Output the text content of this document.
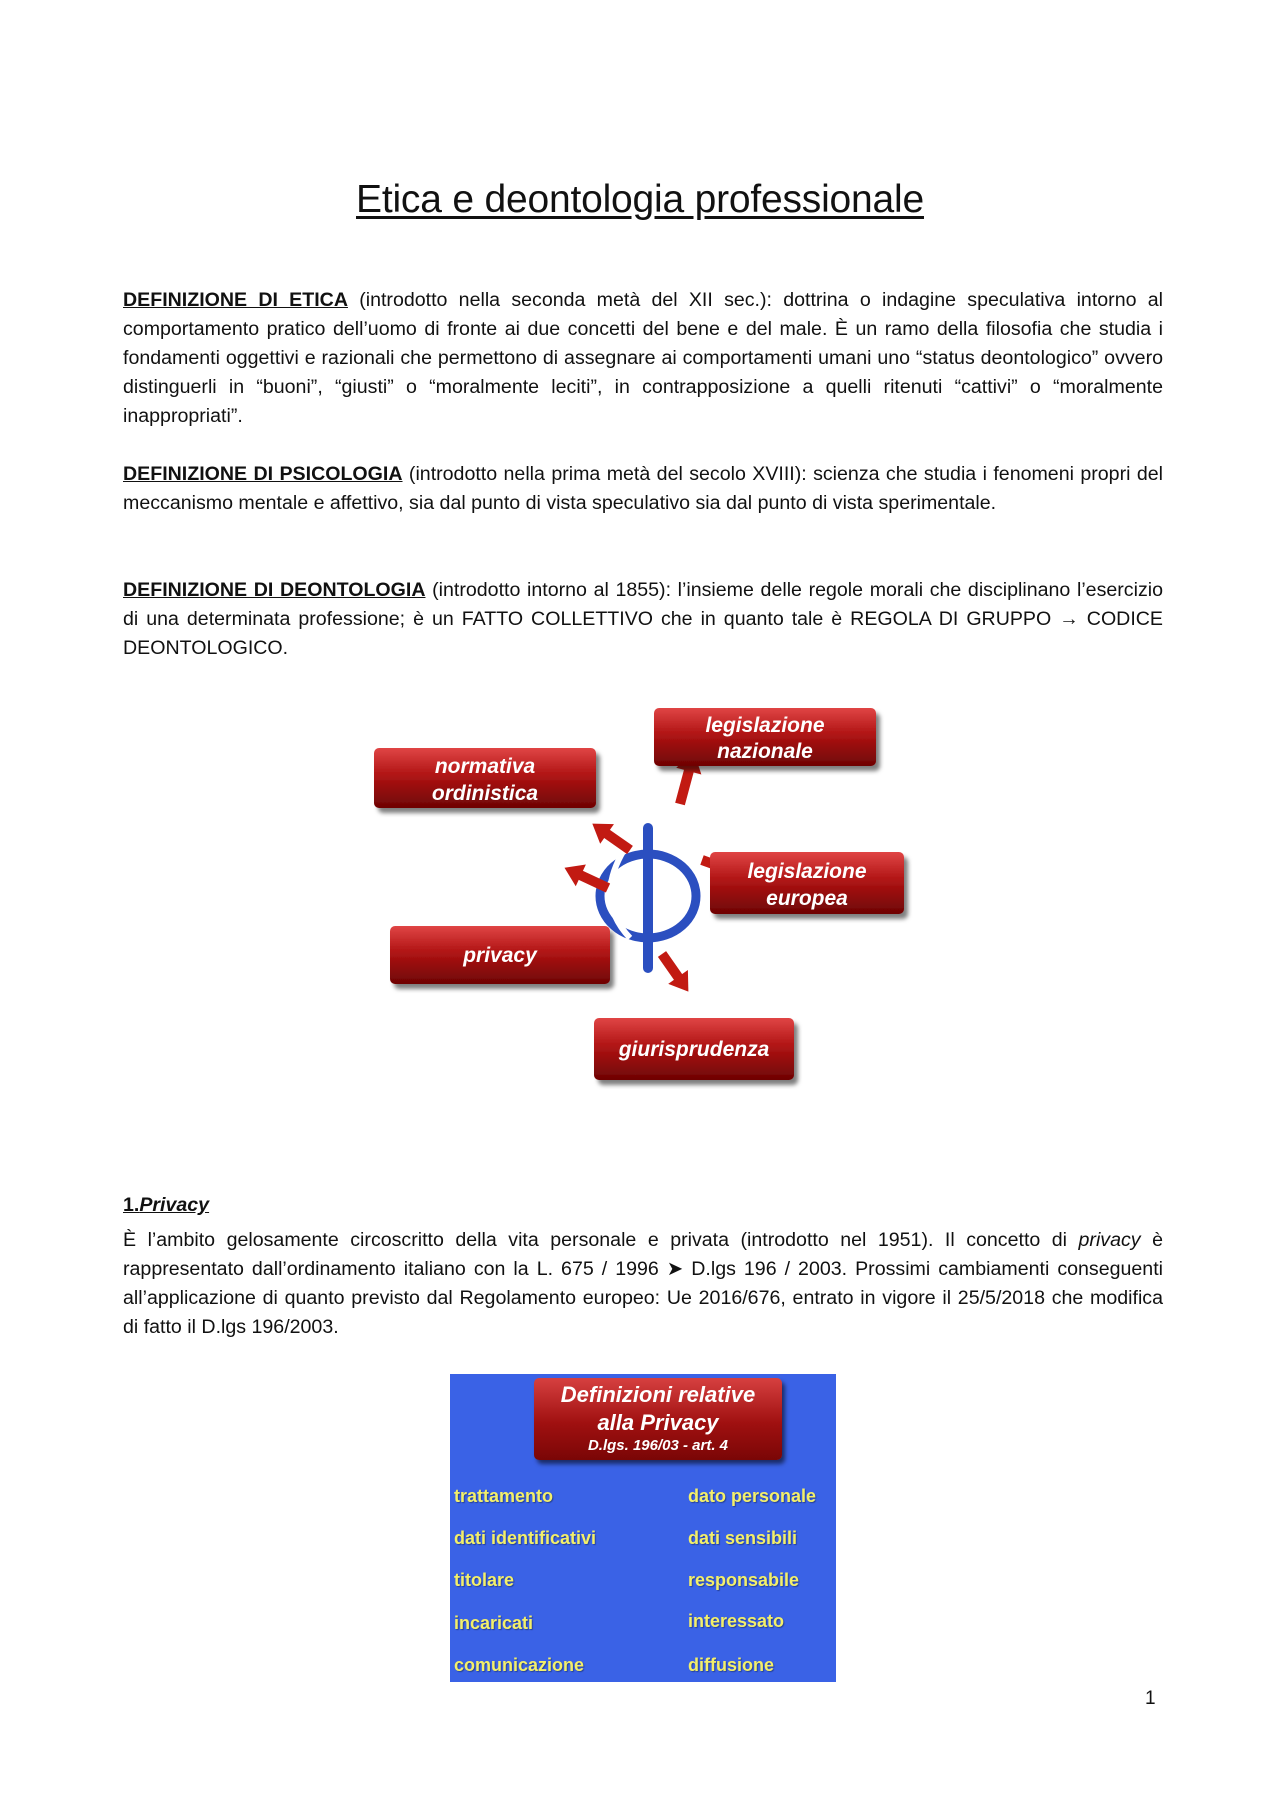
Etica e deontologia professionale

DEFINIZIONE DI ETICA (introdotto nella seconda metà del XII sec.): dottrina o indagine speculativa intorno al comportamento pratico dell’uomo di fronte ai due concetti del bene e del male. È un ramo della filosofia che studia i fondamenti oggettivi e razionali che permettono di assegnare ai comportamenti umani uno “status deontologico” ovvero distinguerli in “buoni”, “giusti” o “moralmente leciti”, in contrapposizione a quelli ritenuti “cattivi” o “moralmente inappropriati”.

DEFINIZIONE DI PSICOLOGIA (introdotto nella prima metà del secolo XVIII): scienza che studia i fenomeni propri del meccanismo mentale e affettivo, sia dal punto di vista speculativo sia dal punto di vista sperimentale.

DEFINIZIONE DI DEONTOLOGIA (introdotto intorno al 1855): l’insieme delle regole morali che disciplinano l’esercizio di una determinata professione; è un FATTO COLLETTIVO che in quanto tale è REGOLA DI GRUPPO → CODICE DEONTOLOGICO.

legislazione
nazionale
normativa
ordinistica
legislazione
europea
privacy
giurisprudenza
1.Privacy

È l’ambito gelosamente circoscritto della vita personale e privata (introdotto nel 1951). Il concetto di privacy è rappresentato dall’ordinamento italiano con la L. 675 / 1996 ➤ D.lgs 196 / 2003. Prossimi cambiamenti conseguenti all’applicazione di quanto previsto dal Regolamento europeo: Ue 2016/676, entrato in vigore il 25/5/2018 che modifica di fatto il D.lgs 196/2003.

Definizioni relative
alla Privacy
D.lgs. 196/03 - art. 4
trattamento
dati identificativi
titolare
incaricati
comunicazione
dato personale
dati sensibili
responsabile
interessato
diffusione
1
